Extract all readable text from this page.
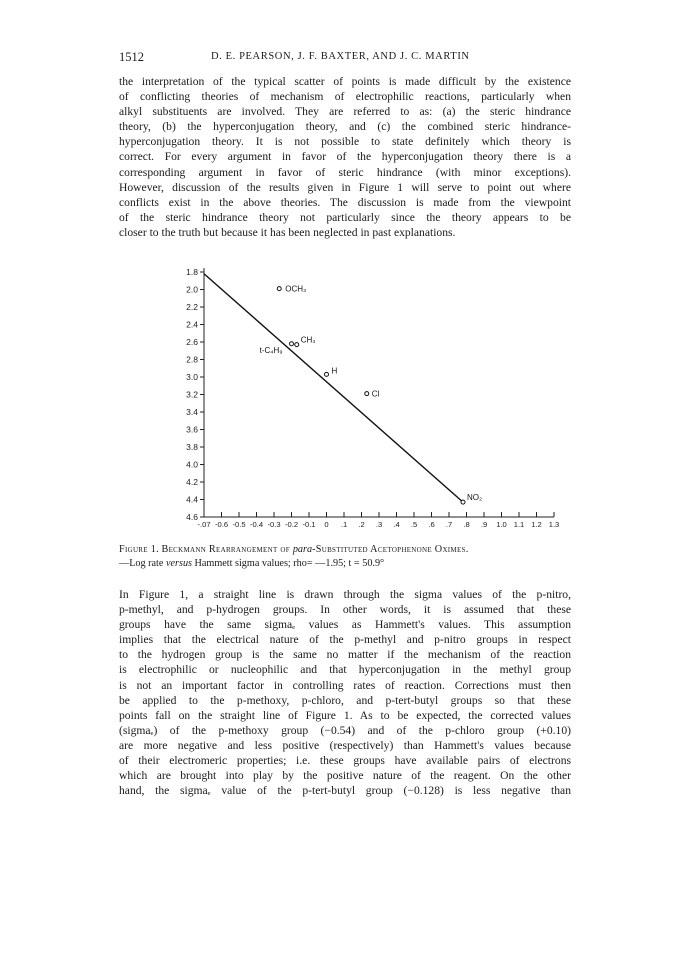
1512	D. E. PEARSON, J. F. BAXTER, AND J. C. MARTIN
the interpretation of the typical scatter of points is made difficult by the existence
of conflicting theories of mechanism of electrophilic reactions, particularly when
alkyl substituents are involved. They are referred to as: (a) the steric hindrance
theory, (b) the hyperconjugation theory, and (c) the combined steric hindrance-
hyperconjugation theory. It is not possible to state definitely which theory is
correct. For every argument in favor of the hyperconjugation theory there is a
corresponding argument in favor of steric hindrance (with minor exceptions).
However, discussion of the results given in Figure 1 will serve to point out where
conflicts exist in the above theories. The discussion is made from the viewpoint
of the steric hindrance theory not particularly since the theory appears to be
closer to the truth but because it has been neglected in past explanations.
1.8
2.0
2.2
2.4
2.6
2.8
3.0
3.2
3.4
3.6
3.8
4.0
4.2
4.4
4.6
-.07 -0.6 -0.5 -0.4 -0.3 -0.2 -0.1 0 .1 .2 .3 .4 .5 .6 .7 .8 .9 1.0 1.1 1.2 1.3
OCH₃
t-C₄H₉
CH₃
H
Cl
NO₂
Figure 1. Beckmann Rearrangement of para-Substituted Acetophenone Oximes.
—Log rate versus Hammett sigma values; rho= —1.95; t = 50.9°
In Figure 1, a straight line is drawn through the sigma values of the p-nitro,
p-methyl, and p-hydrogen groups. In other words, it is assumed that these
groups have the same sigmaₑ values as Hammett's values. This assumption
implies that the electrical nature of the p-methyl and p-nitro groups in respect
to the hydrogen group is the same no matter if the mechanism of the reaction
is electrophilic or nucleophilic and that hyperconjugation in the methyl group
is not an important factor in controlling rates of reaction. Corrections must then
be applied to the p-methoxy, p-chloro, and p-tert-butyl groups so that these
points fall on the straight line of Figure 1. As to be expected, the corrected values
(sigmaₑ) of the p-methoxy group (−0.54) and of the p-chloro group (+0.10)
are more negative and less positive (respectively) than Hammett's values because
of their electromeric properties; i.e. these groups have available pairs of electrons
which are brought into play by the positive nature of the reagent. On the other
hand, the sigmaₑ value of the p-tert-butyl group (−0.128) is less negative than
